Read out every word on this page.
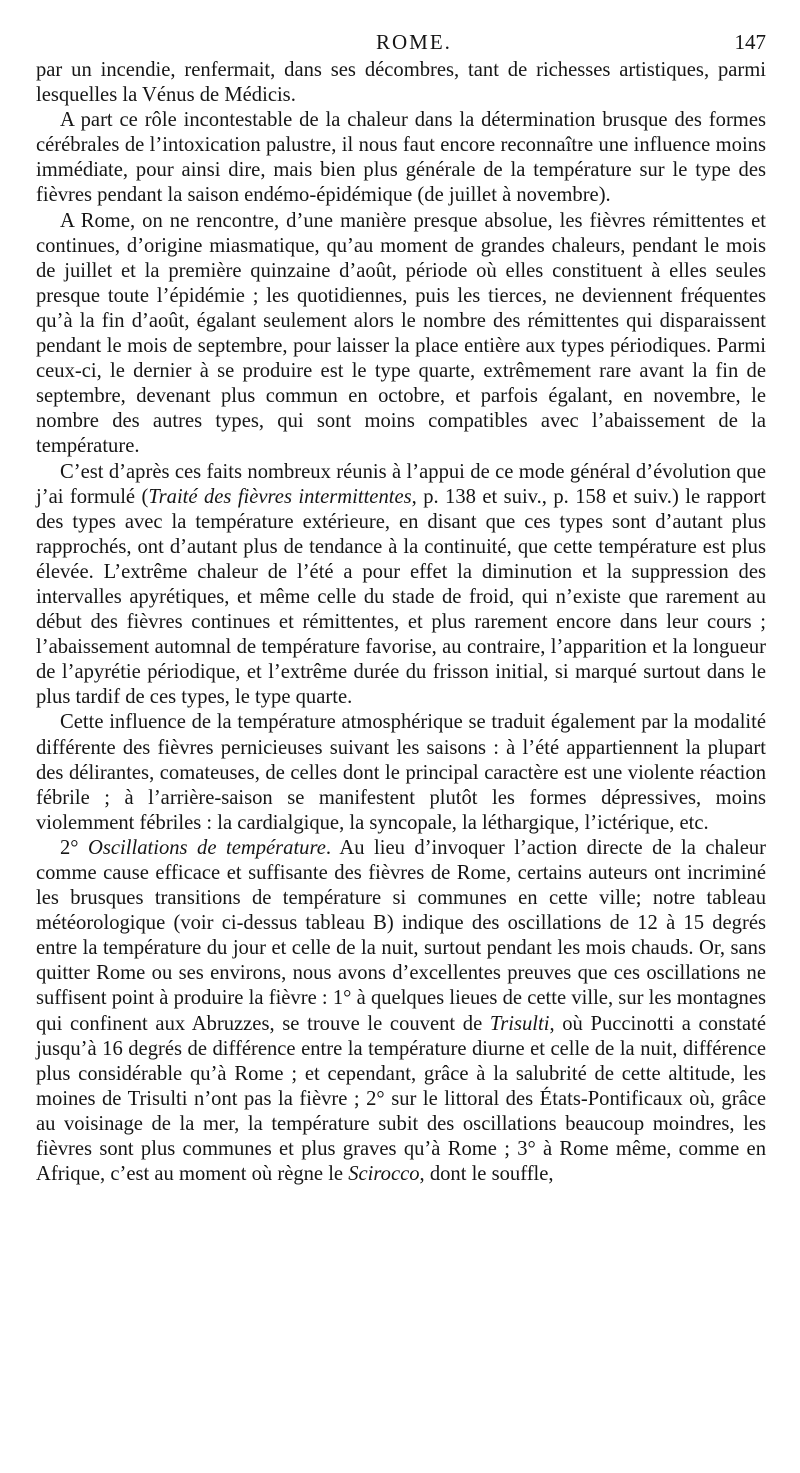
ROME.	147

par un incendie, renfermait, dans ses décombres, tant de richesses artistiques, parmi lesquelles la Vénus de Médicis.

A part ce rôle incontestable de la chaleur dans la détermination brusque des formes cérébrales de l’intoxication palustre, il nous faut encore reconnaître une influence moins immédiate, pour ainsi dire, mais bien plus générale de la température sur le type des fièvres pendant la saison endémo-épidémique (de juillet à novembre).

A Rome, on ne rencontre, d’une manière presque absolue, les fièvres rémittentes et continues, d’origine miasmatique, qu’au moment de grandes chaleurs, pendant le mois de juillet et la première quinzaine d’août, période où elles constituent à elles seules presque toute l’épidémie ; les quotidiennes, puis les tierces, ne deviennent fréquentes qu’à la fin d’août, égalant seulement alors le nombre des rémittentes qui disparaissent pendant le mois de septembre, pour laisser la place entière aux types périodiques. Parmi ceux-ci, le dernier à se produire est le type quarte, extrêmement rare avant la fin de septembre, devenant plus commun en octobre, et parfois égalant, en novembre, le nombre des autres types, qui sont moins compatibles avec l’abaissement de la température.

C’est d’après ces faits nombreux réunis à l’appui de ce mode général d’évolution que j’ai formulé (Traité des fièvres intermittentes, p. 138 et suiv., p. 158 et suiv.) le rapport des types avec la température extérieure, en disant que ces types sont d’autant plus rapprochés, ont d’autant plus de tendance à la continuité, que cette température est plus élevée. L’extrême chaleur de l’été a pour effet la diminution et la suppression des intervalles apyrétiques, et même celle du stade de froid, qui n’existe que rarement au début des fièvres continues et rémittentes, et plus rarement encore dans leur cours ; l’abaissement automnal de température favorise, au contraire, l’apparition et la longueur de l’apyrétie périodique, et l’extrême durée du frisson initial, si marqué surtout dans le plus tardif de ces types, le type quarte.

Cette influence de la température atmosphérique se traduit également par la modalité différente des fièvres pernicieuses suivant les saisons : à l’été appartiennent la plupart des délirantes, comateuses, de celles dont le principal caractère est une violente réaction fébrile ; à l’arrière-saison se manifestent plutôt les formes dépressives, moins violemment fébriles : la cardialgique, la syncopale, la léthargique, l’ictérique, etc.

2° Oscillations de température. Au lieu d’invoquer l’action directe de la chaleur comme cause efficace et suffisante des fièvres de Rome, certains auteurs ont incriminé les brusques transitions de température si communes en cette ville; notre tableau météorologique (voir ci-dessus tableau B) indique des oscillations de 12 à 15 degrés entre la température du jour et celle de la nuit, surtout pendant les mois chauds. Or, sans quitter Rome ou ses environs, nous avons d’excellentes preuves que ces oscillations ne suffisent point à produire la fièvre : 1° à quelques lieues de cette ville, sur les montagnes qui confinent aux Abruzzes, se trouve le couvent de Trisulti, où Puccinotti a constaté jusqu’à 16 degrés de différence entre la température diurne et celle de la nuit, différence plus considérable qu’à Rome ; et cependant, grâce à la salubrité de cette altitude, les moines de Trisulti n’ont pas la fièvre ; 2° sur le littoral des États-Pontificaux où, grâce au voisinage de la mer, la température subit des oscillations beaucoup moindres, les fièvres sont plus communes et plus graves qu’à Rome ; 3° à Rome même, comme en Afrique, c’est au moment où règne le Scirocco, dont le souffle,
